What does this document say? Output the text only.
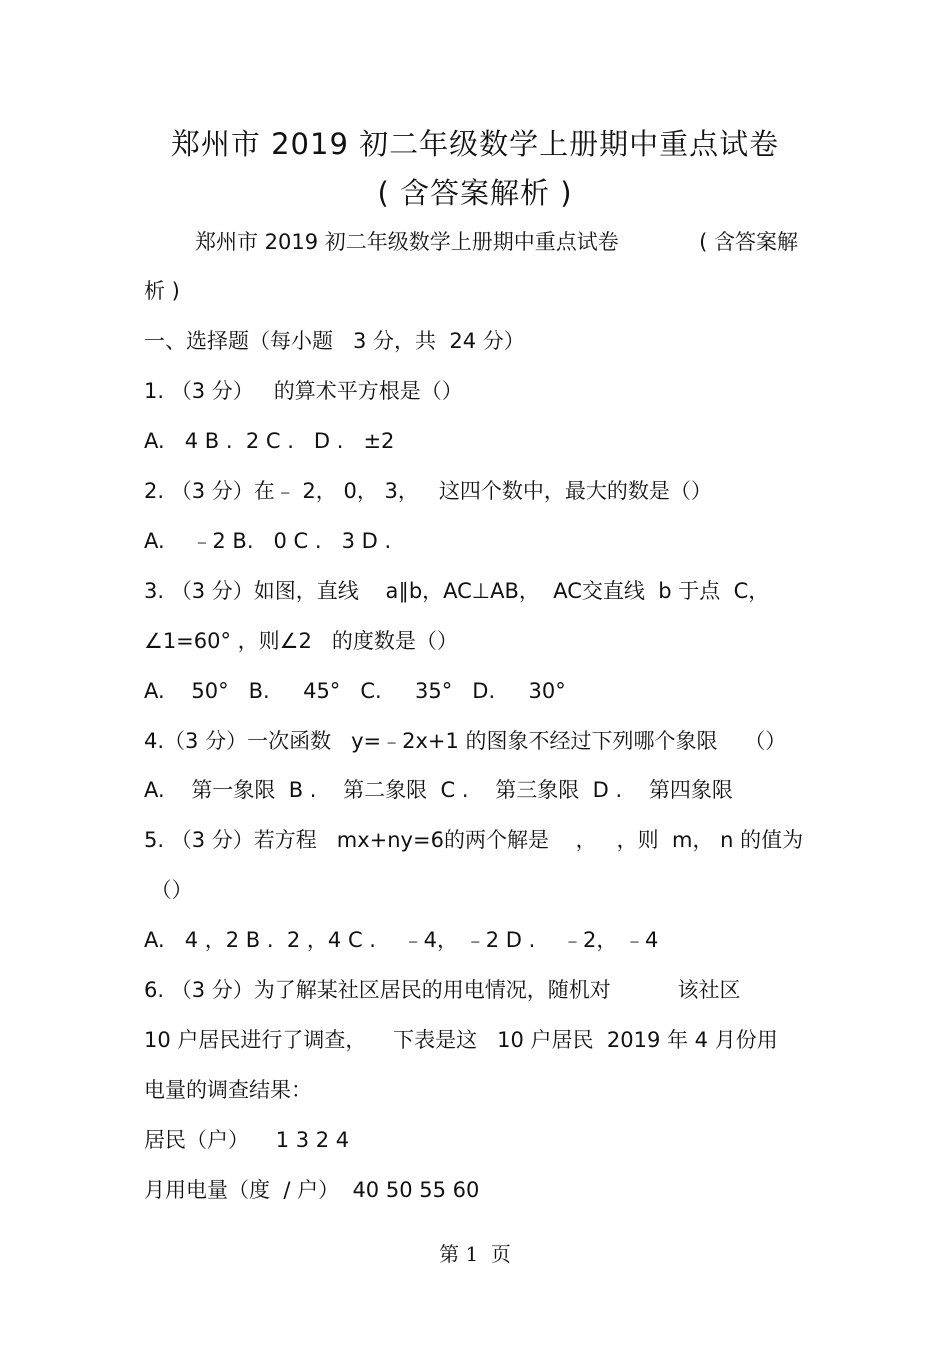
郑州市 2019 初二年级数学上册期中重点试卷
( 含答案解析 )
郑州市 2019 初二年级数学上册期中重点试卷	( 含答案解
析 )
一、选择题（每小题   3 分，共  24 分）
1. （3 分）   的算术平方根是（）
A.   4 B .  2 C .   D .   ±2
2. （3 分）在﹣ 2， 0， 3，   这四个数中，最大的数是（）
A.    ﹣2 B.   0 C .   3 D .
3. （3 分）如图，直线    a∥b，AC⊥AB，  AC交直线  b 于点  C，
∠1=60° ，则∠2   的度数是（）
A.    50°   B.     45°   C.     35°   D.     30°
4.（3 分）一次函数   y=﹣2x+1 的图象不经过下列哪个象限    （）
A.    第一象限  B .    第二象限  C .    第三象限  D .    第四象限
5. （3 分）若方程   mx+ny=6的两个解是    ，   ，则  m， n 的值为
（）
A.   4 ，2 B .  2 ，4 C .    ﹣4， ﹣2 D .    ﹣2， ﹣4
6. （3 分）为了解某社区居民的用电情况，随机对          该社区
10 户居民进行了调查，    下表是这   10 户居民  2019 年 4 月份用
电量的调查结果：
居民（户）    1 3 2 4
月用电量（度  / 户）  40 50 55 60
第 1  页
